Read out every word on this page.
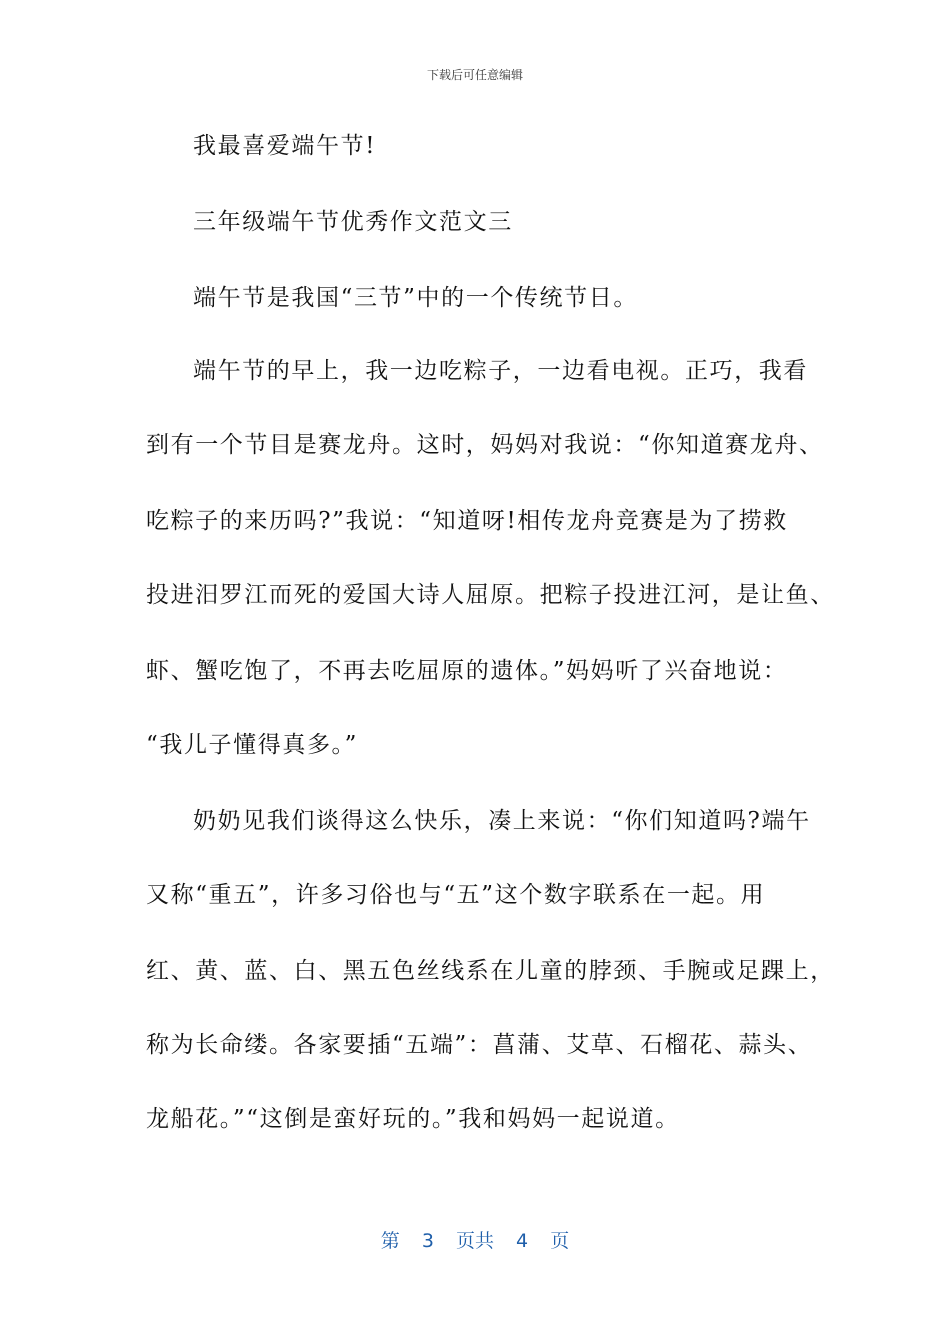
下载后可任意编辑
我最喜爱端午节!
三年级端午节优秀作文范文三
端午节是我国“三节”中的一个传统节日。
端午节的早上，我一边吃粽子，一边看电视。正巧，我看
到有一个节目是赛龙舟。这时，妈妈对我说：“你知道赛龙舟、
吃粽子的来历吗?”我说：“知道呀!相传龙舟竞赛是为了捞救
投进汨罗江而死的爱国大诗人屈原。把粽子投进江河，是让鱼、
虾、蟹吃饱了，不再去吃屈原的遗体。”妈妈听了兴奋地说：
“我儿子懂得真多。”
奶奶见我们谈得这么快乐，凑上来说：“你们知道吗?端午
又称“重五”，许多习俗也与“五”这个数字联系在一起。用
红、黄、蓝、白、黑五色丝线系在儿童的脖颈、手腕或足踝上，
称为长命缕。各家要插“五端”：菖蒲、艾草、石榴花、蒜头、
龙船花。”“这倒是蛮好玩的。”我和妈妈一起说道。
第 3 页共 4 页
